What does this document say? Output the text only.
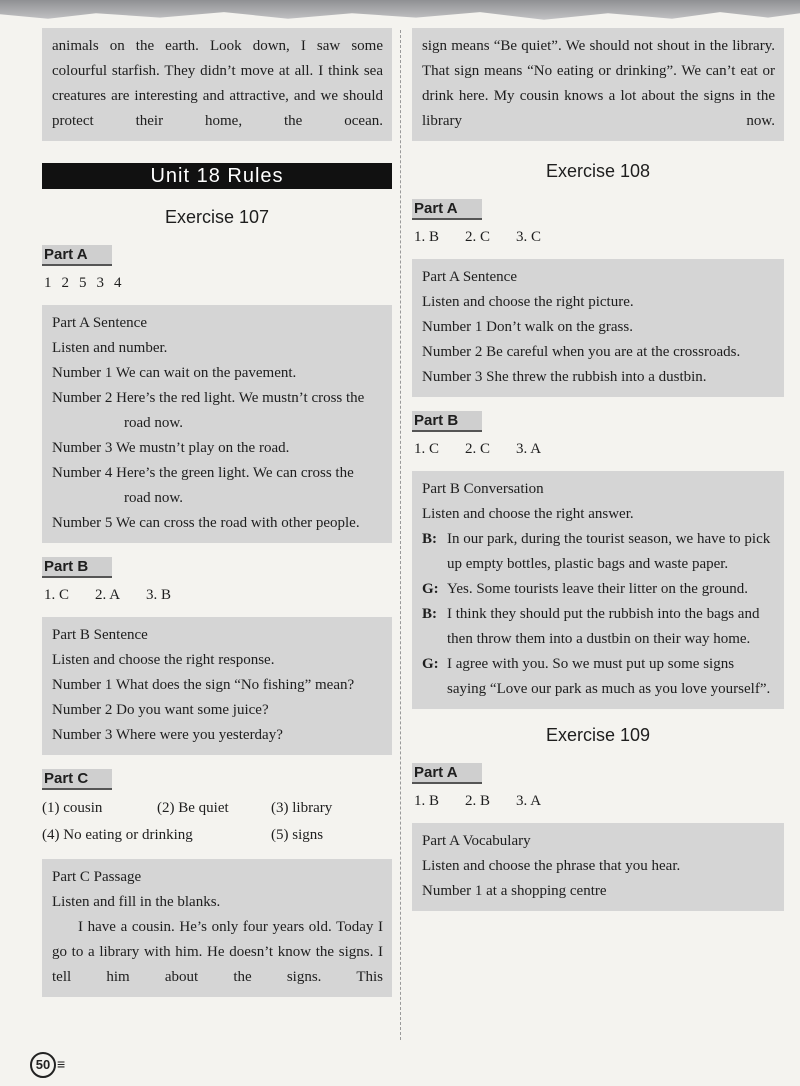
animals on the earth. Look down, I saw some colourful starfish. They didn’t move at all. I think sea creatures are interesting and attractive, and we should protect their home, the ocean.

Unit 18 Rules
Exercise 107
Part A
1 2 5 3 4

Part A Sentence

Listen and number.

Number 1 We can wait on the pavement.

Number 2 Here’s the red light. We mustn’t cross the road now.

Number 3 We mustn’t play on the road.

Number 4 Here’s the green light. We can cross the road now.

Number 5 We can cross the road with other people.

Part B
1. C 2. A 3. B

Part B Sentence

Listen and choose the right response.

Number 1 What does the sign “No fishing” mean?

Number 2 Do you want some juice?

Number 3 Where were you yesterday?

Part C
(1) cousin	(2) Be quiet	(3) library
(4) No eating or drinking	(5) signs

Part C Passage

Listen and fill in the blanks.

I have a cousin. He’s only four years old. Today I go to a library with him. He doesn’t know the signs. I tell him about the signs. This

sign means “Be quiet”. We should not shout in the library. That sign means “No eating or drinking”. We can’t eat or drink here. My cousin knows a lot about the signs in the library now.

Exercise 108
Part A
1. B 2. C 3. C

Part A Sentence

Listen and choose the right picture.

Number 1 Don’t walk on the grass.

Number 2 Be careful when you are at the crossroads.

Number 3 She threw the rubbish into a dustbin.

Part B
1. C 2. C 3. A

Part B Conversation

Listen and choose the right answer.

B: In our park, during the tourist season, we have to pick up empty bottles, plastic bags and waste paper.
G: Yes. Some tourists leave their litter on the ground.
B: I think they should put the rubbish into the bags and then throw them into a dustbin on their way home.
G: I agree with you. So we must put up some signs saying “Love our park as much as you love yourself”.
Exercise 109
Part A
1. B 2. B 3. A

Part A Vocabulary

Listen and choose the phrase that you hear.

Number 1 at a shopping centre

50 ≡
